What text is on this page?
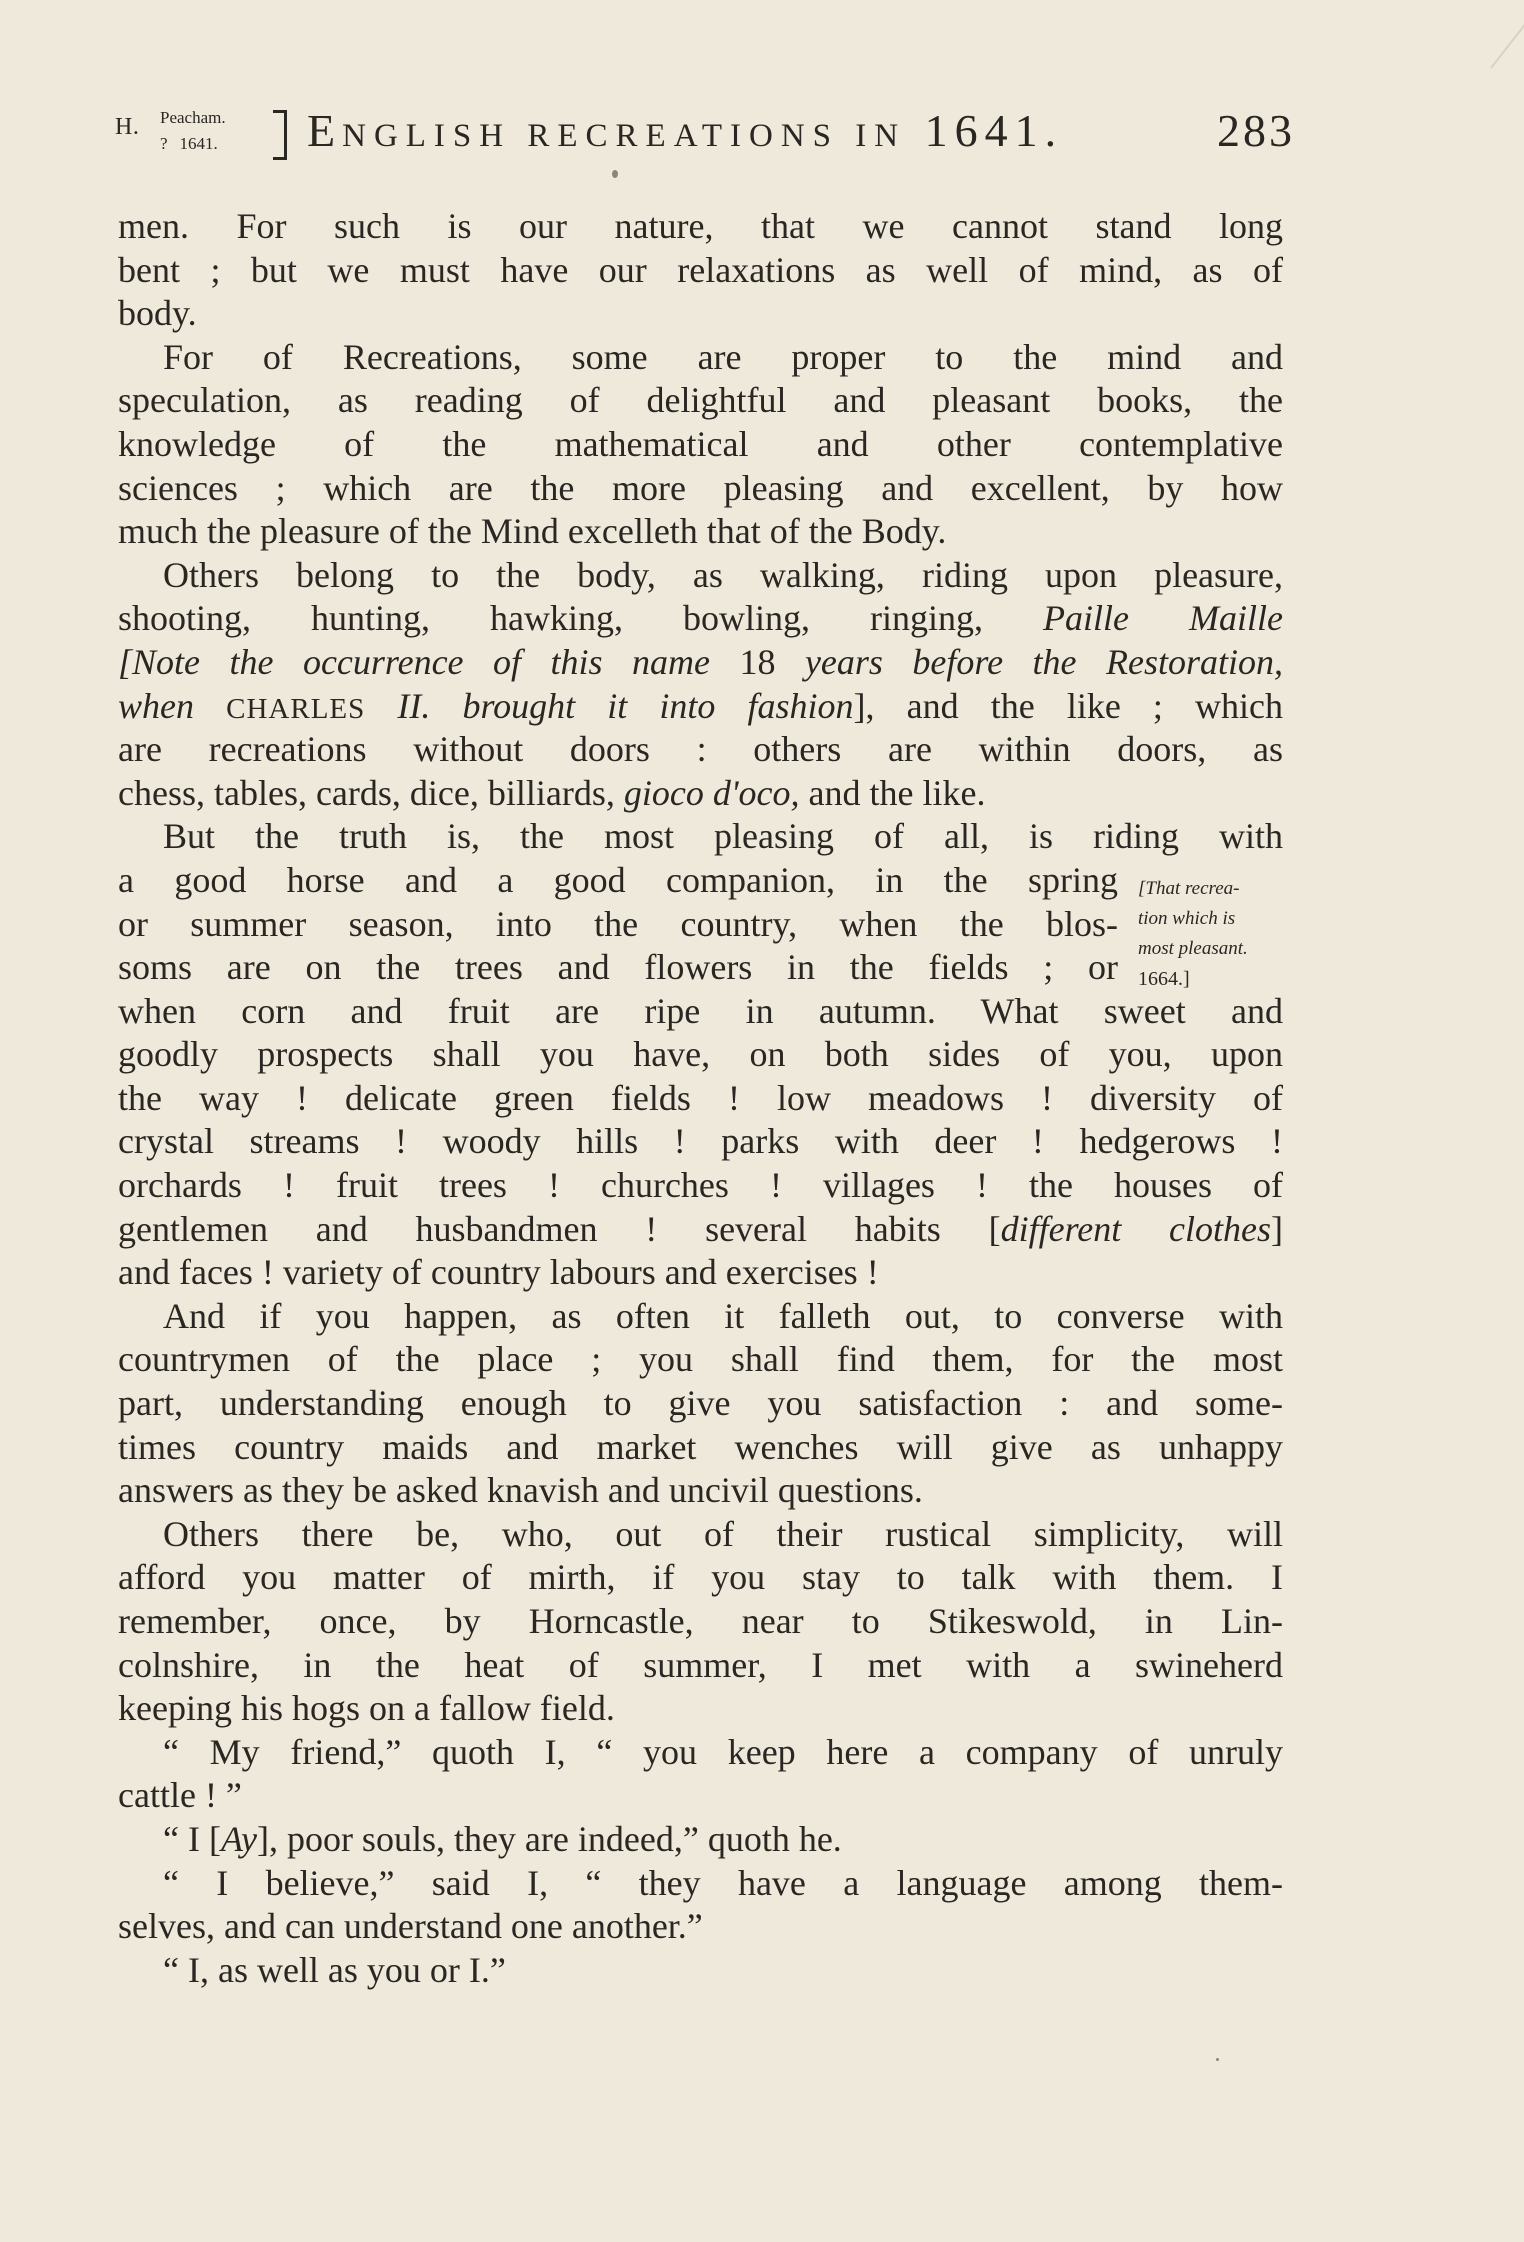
H. Peacham.
? 1641. ENGLISH RECREATIONS IN 1641.	283
men. For such is our nature, that we cannot stand long
bent ; but we must have our relaxations as well of mind, as of
body.
For of Recreations, some are proper to the mind and
speculation, as reading of delightful and pleasant books, the
knowledge of the mathematical and other contemplative
sciences ; which are the more pleasing and excellent, by how
much the pleasure of the Mind excelleth that of the Body.
Others belong to the body, as walking, riding upon pleasure,
shooting, hunting, hawking, bowling, ringing, Paille Maille
[Note the occurrence of this name 18 years before the Restoration,
when CHARLES II. brought it into fashion], and the like ; which
are recreations without doors : others are within doors, as
chess, tables, cards, dice, billiards, gioco d'oco, and the like.
But the truth is, the most pleasing of all, is riding with
a good horse and a good companion, in the spring
or summer season, into the country, when the blos-
soms are on the trees and flowers in the fields ; or
when corn and fruit are ripe in autumn. What sweet and
goodly prospects shall you have, on both sides of you, upon
the way ! delicate green fields ! low meadows ! diversity of
crystal streams ! woody hills ! parks with deer ! hedgerows !
orchards ! fruit trees ! churches ! villages ! the houses of
gentlemen and husbandmen ! several habits [different clothes]
and faces ! variety of country labours and exercises !
And if you happen, as often it falleth out, to converse with
countrymen of the place ; you shall find them, for the most
part, understanding enough to give you satisfaction : and some-
times country maids and market wenches will give as unhappy
answers as they be asked knavish and uncivil questions.
Others there be, who, out of their rustical simplicity, will
afford you matter of mirth, if you stay to talk with them. I
remember, once, by Horncastle, near to Stikeswold, in Lin-
colnshire, in the heat of summer, I met with a swineherd
keeping his hogs on a fallow field.
“ My friend,” quoth I, “ you keep here a company of unruly
cattle ! ”
“ I [Ay], poor souls, they are indeed,” quoth he.
“ I believe,” said I, “ they have a language among them-
selves, and can understand one another.”
“ I, as well as you or I.”
[That recrea-
tion which is
most pleasant.
1664.]
